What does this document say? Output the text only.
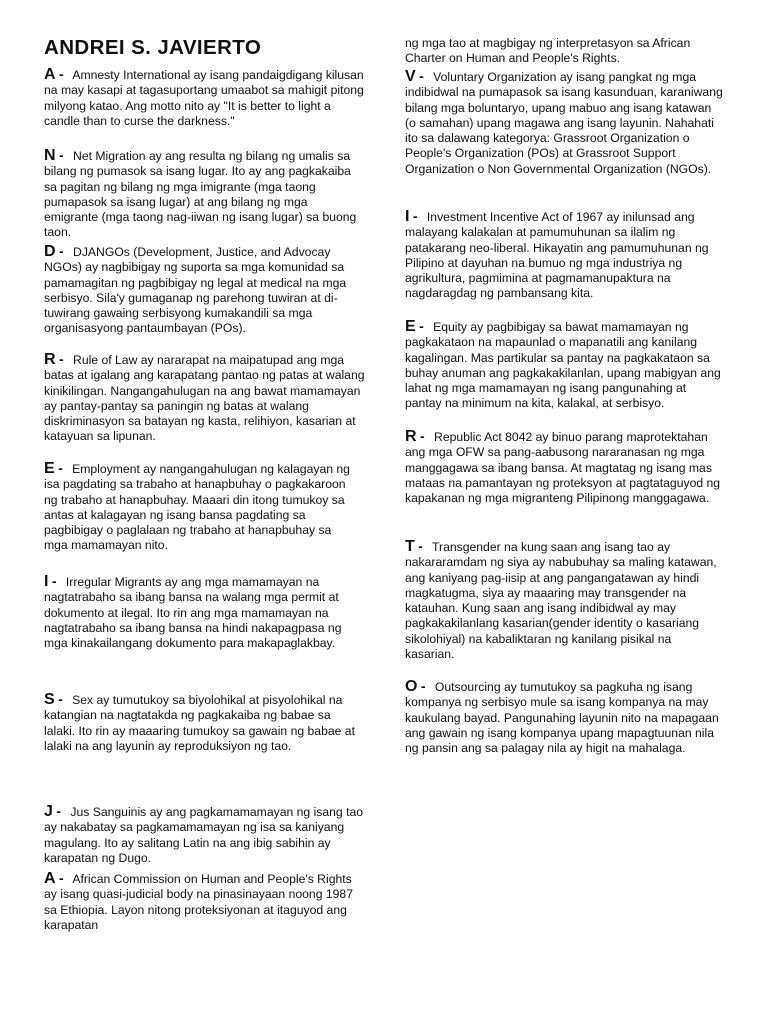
ANDREI S. JAVIERTO

A - Amnesty International ay isang pandaigdigang kilusan na may kasapi at tagasuportang umaabot sa mahigit pitong milyong katao. Ang motto nito ay "It is better to light a candle than to curse the darkness."

N - Net Migration ay ang resulta ng bilang ng umalis sa bilang ng pumasok sa isang lugar. Ito ay ang pagkakaiba sa pagitan ng bilang ng mga imigrante (mga taong pumapasok sa isang lugar) at ang bilang ng mga emigrante (mga taong nag-iiwan ng isang lugar) sa buong taon.

D - DJANGOs (Development, Justice, and Advocay NGOs) ay nagbibigay ng suporta sa mga komunidad sa pamamagitan ng pagbibigay ng legal at medical na mga serbisyo. Sila'y gumaganap ng parehong tuwiran at di-tuwirang gawaing serbisyong kumakandili sa mga organisasyong pantaumbayan (POs).

R - Rule of Law ay nararapat na maipatupad ang mga batas at igalang ang karapatang pantao ng patas at walang kinikilingan. Nangangahulugan na ang bawat mamamayan ay pantay-pantay sa paningin ng batas at walang diskriminasyon sa batayan ng kasta, relihiyon, kasarian at katayuan sa lipunan.

E - Employment ay nangangahulugan ng kalagayan ng isa pagdating sa trabaho at hanapbuhay o pagkakaroon ng trabaho at hanapbuhay. Maaari din itong tumukoy sa antas at kalagayan ng isang bansa pagdating sa pagbibigay o paglalaan ng trabaho at hanapbuhay sa mga mamamayan nito.

I - Irregular Migrants ay ang mga mamamayan na nagtatrabaho sa ibang bansa na walang mga permit at dokumento at ilegal. Ito rin ang mga mamamayan na nagtatrabaho sa ibang bansa na hindi nakapagpasa ng mga kinakailangang dokumento para makapaglakbay.

S - Sex ay tumutukoy sa biyolohikal at pisyolohikal na katangian na nagtatakda ng pagkakaiba ng babae sa lalaki. Ito rin ay maaaring tumukoy sa gawain ng babae at lalaki na ang layunin ay reproduksiyon ng tao.

J - Jus Sanguinis ay ang pagkamamamayan ng isang tao ay nakabatay sa pagkamamamayan ng isa sa kaniyang magulang. Ito ay salitang Latin na ang ibig sabihin ay karapatan ng Dugo.

A - African Commission on Human and People's Rights ay isang quasi-judicial body na pinasinayaan noong 1987 sa Ethiopia. Layon nitong proteksiyonan at itaguyod ang karapatan

ng mga tao at magbigay ng interpretasyon sa African Charter on Human and People's Rights.

V - Voluntary Organization ay isang pangkat ng mga indibidwal na pumapasok sa isang kasunduan, karaniwang bilang mga boluntaryo, upang mabuo ang isang katawan (o samahan) upang magawa ang isang layunin. Nahahati ito sa dalawang kategorya: Grassroot Organization o People's Organization (POs) at Grassroot Support Organization o Non Governmental Organization (NGOs).

I - Investment Incentive Act of 1967 ay inilunsad ang malayang kalakalan at pamumuhunan sa ilalim ng patakarang neo-liberal. Hikayatin ang pamumuhunan ng Pilipino at dayuhan na bumuo ng mga industriya ng agrikultura, pagmimina at pagmamanupaktura na nagdaragdag ng pambansang kita.

E - Equity ay pagbibigay sa bawat mamamayan ng pagkakataon na mapaunlad o mapanatili ang kanilang kagalingan. Mas partikular sa pantay na pagkakataon sa buhay anuman ang pagkakakilanlan, upang mabigyan ang lahat ng mga mamamayan ng isang pangunahing at pantay na minimum na kita, kalakal, at serbisyo.

R - Republic Act 8042 ay binuo parang maprotektahan ang mga OFW sa pang-aabusong nararanasan ng mga manggagawa sa ibang bansa. At magtatag ng isang mas mataas na pamantayan ng proteksyon at pagtataguyod ng kapakanan ng mga migranteng Pilipinong manggagawa.

T - Transgender na kung saan ang isang tao ay nakararamdam ng siya ay nabubuhay sa maling katawan, ang kaniyang pag-iisip at ang pangangatawan ay hindi magkatugma, siya ay maaaring may transgender na katauhan. Kung saan ang isang indibidwal ay may pagkakakilanlang kasarian(gender identity o kasariang sikolohiyal) na kabaliktaran ng kanilang pisikal na kasarian.

O - Outsourcing ay tumutukoy sa pagkuha ng isang kompanya ng serbisyo mule sa isang kompanya na may kaukulang bayad. Pangunahing layunin nito na mapagaan ang gawain ng isang kompanya upang mapagtuunan nila ng pansin ang sa palagay nila ay higit na mahalaga.
